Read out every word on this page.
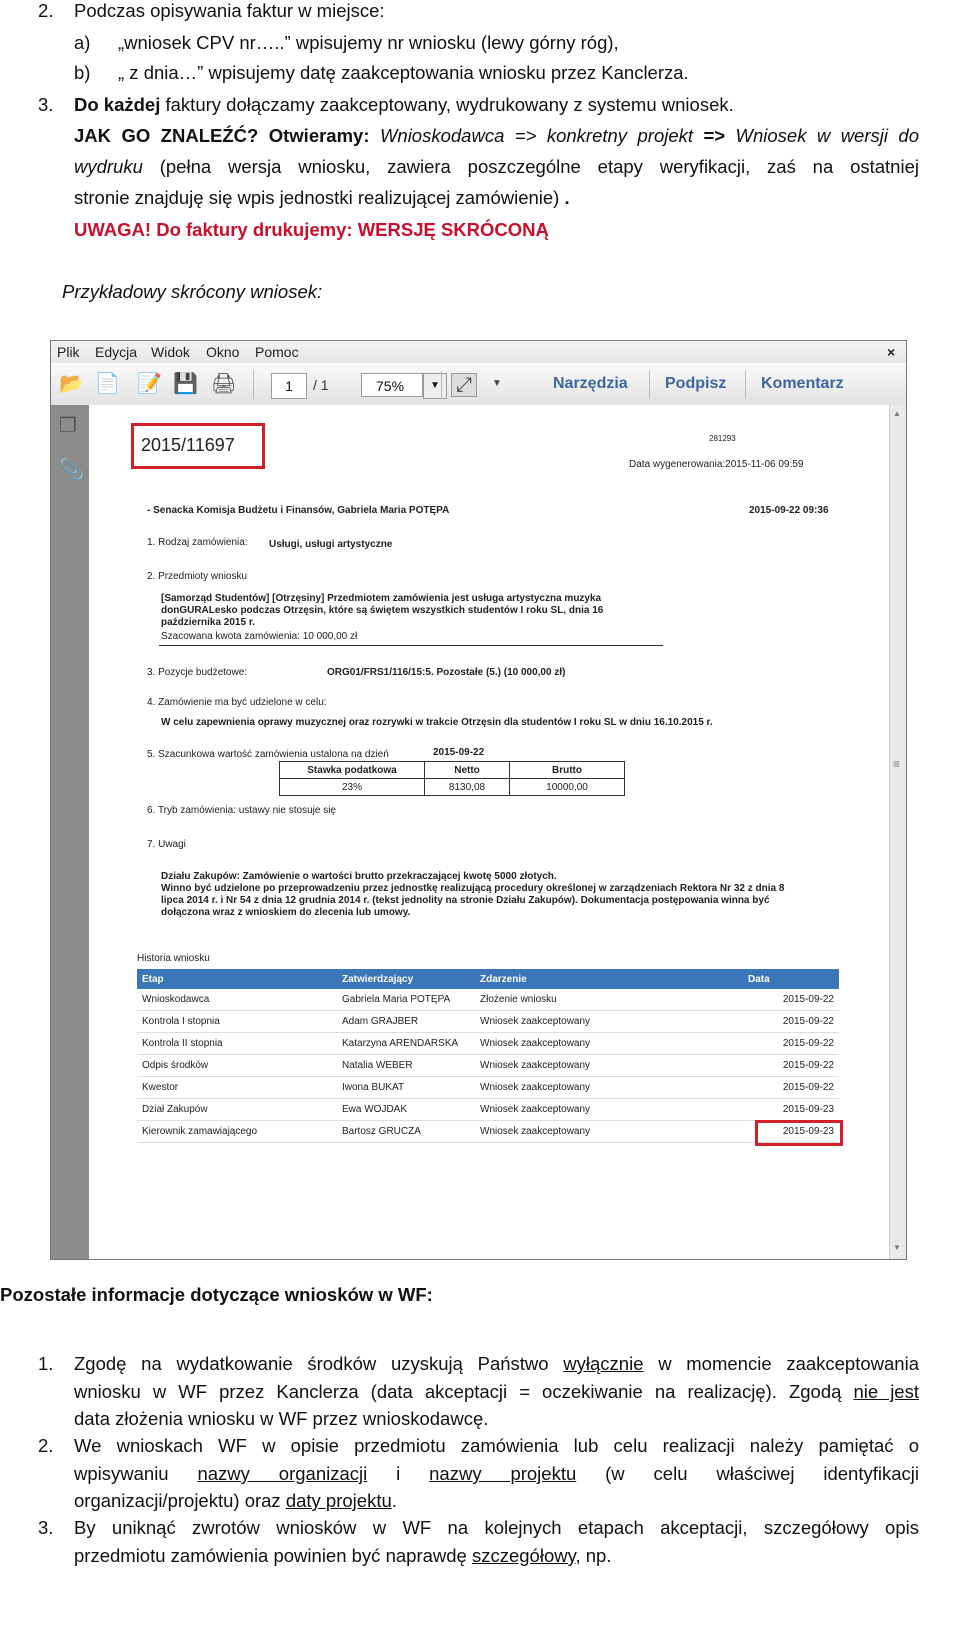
2. Podczas opisywania faktur w miejsce:
a) „wniosek CPV nr…..” wpisujemy nr wniosku (lewy górny róg),
b) „ z dnia…” wpisujemy datę zaakceptowania wniosku przez Kanclerza.
3. Do każdej faktury dołączamy zaakceptowany, wydrukowany z systemu wniosek.
JAK GO ZNALEŹĆ? Otwieramy: Wnioskodawca => konkretny projekt => Wniosek w wersji do
wydruku (pełna wersja wniosku, zawiera poszczególne etapy weryfikacji, zaś na ostatniej
stronie znajduję się wpis jednostki realizującej zamówienie) .
UWAGA! Do faktury drukujemy: WERSJĘ SKRÓCONĄ
Przykładowy skrócony wniosek:
Plik Edycja Widok Okno Pomoc	×
📂 📄 📝 💾 🖨	1	/ 1	75%	▼ ⤢	▼	Narzędzia Podpisz Komentarz
❐
📎
2015/11697	281293
Data wygenerowania:2015-11-06 09:59
- Senacka Komisja Budżetu i Finansów, Gabriela Maria POTĘPA	2015-09-22 09:36
1. Rodzaj zamówienia: Usługi, usługi artystyczne
2. Przedmioty wniosku
[Samorząd Studentów] [Otrzęsiny] Przedmiotem zamówienia jest usługa artystyczna muzyka
donGURALesko podczas Otrzęsin, które są świętem wszystkich studentów I roku SL, dnia 16
października 2015 r.
Szacowana kwota zamówienia: 10 000,00 zł
3. Pozycje budżetowe:	ORG01/FRS1/116/15:5. Pozostałe (5.) (10 000,00 zł)
4. Zamówienie ma być udzielone w celu:
W celu zapewnienia oprawy muzycznej oraz rozrywki w trakcie Otrzęsin dla studentów I roku SL w dniu 16.10.2015 r.
5. Szacunkowa wartość zamówienia ustalona na dzień	2015-09-22
Stawka podatkowa	Netto	Brutto
23%	8130,08	10000,00
6. Tryb zamówienia: ustawy nie stosuje się
7. Uwagi
Działu Zakupów: Zamówienie o wartości brutto przekraczającej kwotę 5000 złotych.
Winno być udzielone po przeprowadzeniu przez jednostkę realizującą procedury określonej w zarządzeniach Rektora Nr 32 z dnia 8
lipca 2014 r. i Nr 54 z dnia 12 grudnia 2014 r. (tekst jednolity na stronie Działu Zakupów). Dokumentacja postępowania winna być
dołączona wraz z wnioskiem do zlecenia lub umowy.
Historia wniosku
Etap	Zatwierdzający	Zdarzenie	Data
Wnioskodawca	Gabriela Maria POTĘPA	Złożenie wniosku	2015-09-22
Kontrola I stopnia	Adam GRAJBER	Wniosek zaakceptowany	2015-09-22
Kontrola II stopnia	Katarzyna ARENDARSKA	Wniosek zaakceptowany	2015-09-22
Odpis środków	Natalia WEBER	Wniosek zaakceptowany	2015-09-22
Kwestor	Iwona BUKAT	Wniosek zaakceptowany	2015-09-22
Dział Zakupów	Ewa WOJDAK	Wniosek zaakceptowany	2015-09-23
Kierownik zamawiającego	Bartosz GRUCZA	Wniosek zaakceptowany	2015-09-23
▲
≡
▼
Pozostałe informacje dotyczące wniosków w WF:
1. Zgodę na wydatkowanie środków uzyskują Państwo wyłącznie w momencie zaakceptowania
wniosku w WF przez Kanclerza (data akceptacji = oczekiwanie na realizację). Zgodą nie jest
data złożenia wniosku w WF przez wnioskodawcę.
2. We wnioskach WF w opisie przedmiotu zamówienia lub celu realizacji należy pamiętać o
wpisywaniu nazwy organizacji i nazwy projektu (w celu właściwej identyfikacji
organizacji/projektu) oraz daty projektu.
3. By uniknąć zwrotów wniosków w WF na kolejnych etapach akceptacji, szczegółowy opis
przedmiotu zamówienia powinien być naprawdę szczegółowy, np.
